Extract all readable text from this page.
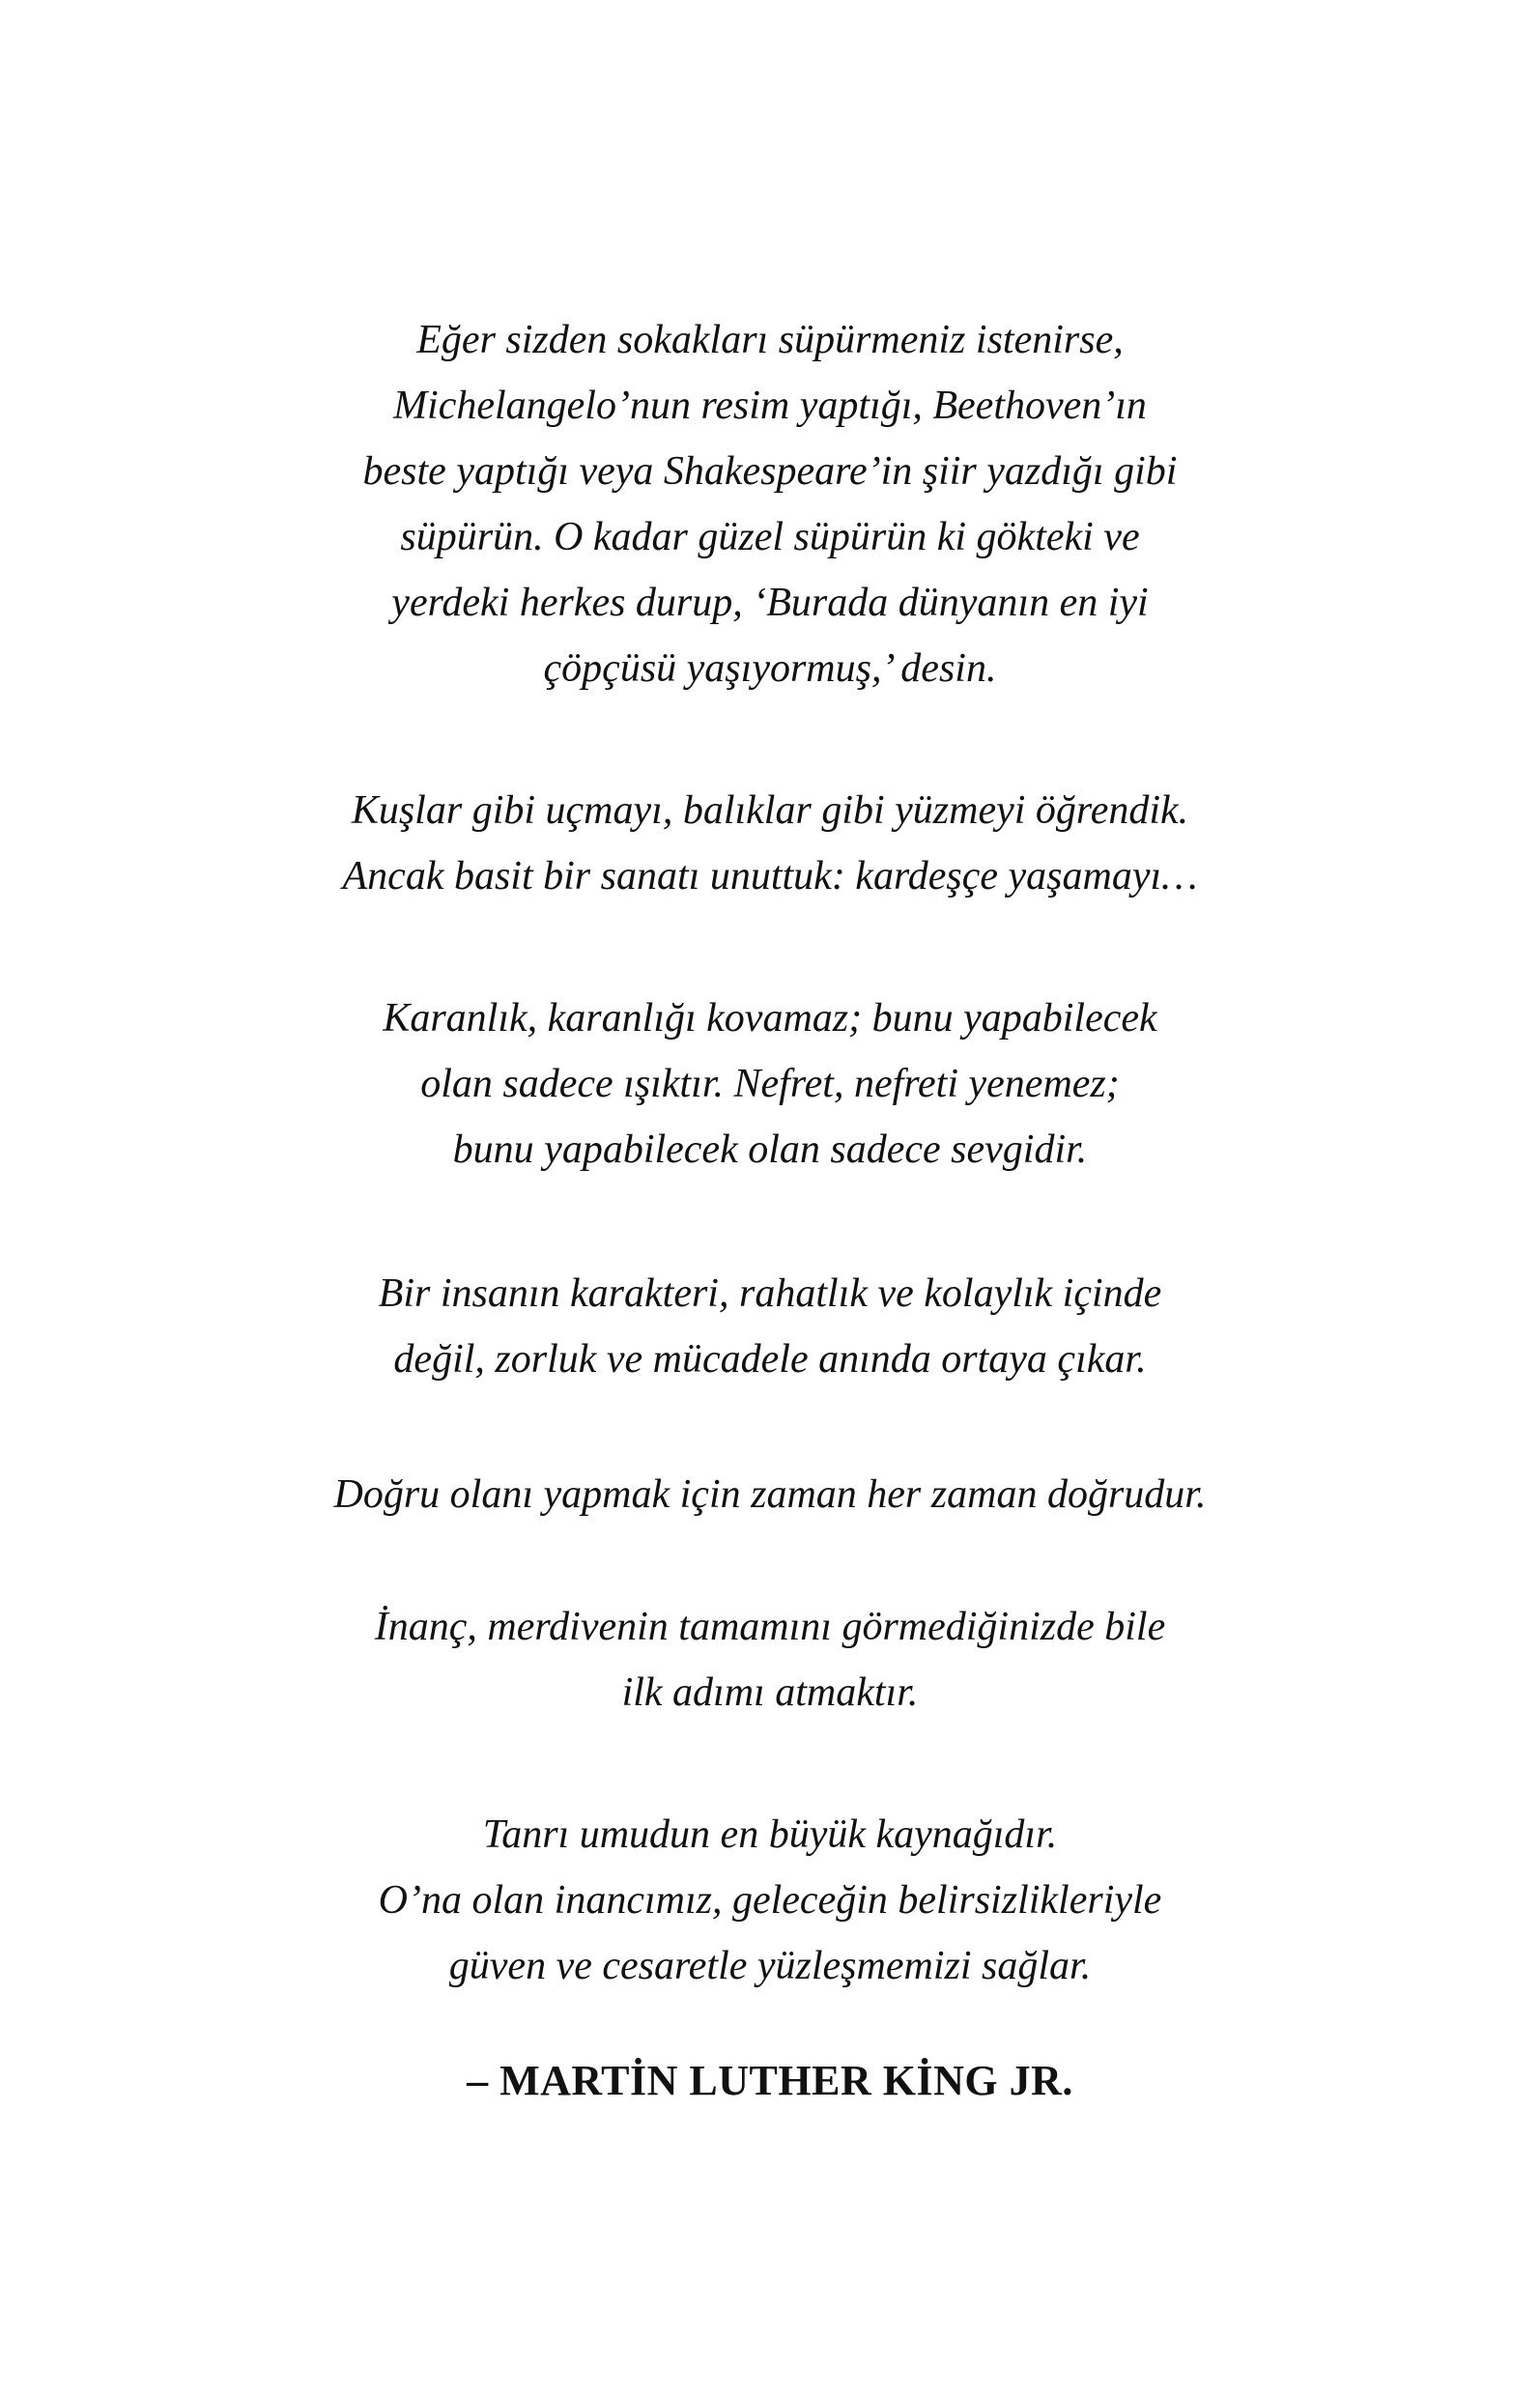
Eğer sizden sokakları süpürmeniz istenirse,
Michelangelo’nun resim yaptığı, Beethoven’ın
beste yaptığı veya Shakespeare’in şiir yazdığı gibi
süpürün. O kadar güzel süpürün ki gökteki ve
yerdeki herkes durup, ‘Burada dünyanın en iyi
çöpçüsü yaşıyormuş,’ desin.

Kuşlar gibi uçmayı, balıklar gibi yüzmeyi öğrendik.
Ancak basit bir sanatı unuttuk: kardeşçe yaşamayı…

Karanlık, karanlığı kovamaz; bunu yapabilecek
olan sadece ışıktır. Nefret, nefreti yenemez;
bunu yapabilecek olan sadece sevgidir.

Bir insanın karakteri, rahatlık ve kolaylık içinde
değil, zorluk ve mücadele anında ortaya çıkar.

Doğru olanı yapmak için zaman her zaman doğrudur.

İnanç, merdivenin tamamını görmediğinizde bile
ilk adımı atmaktır.

Tanrı umudun en büyük kaynağıdır.
O’na olan inancımız, geleceğin belirsizlikleriyle
güven ve cesaretle yüzleşmemizi sağlar.

– MARTİN LUTHER KİNG JR.
